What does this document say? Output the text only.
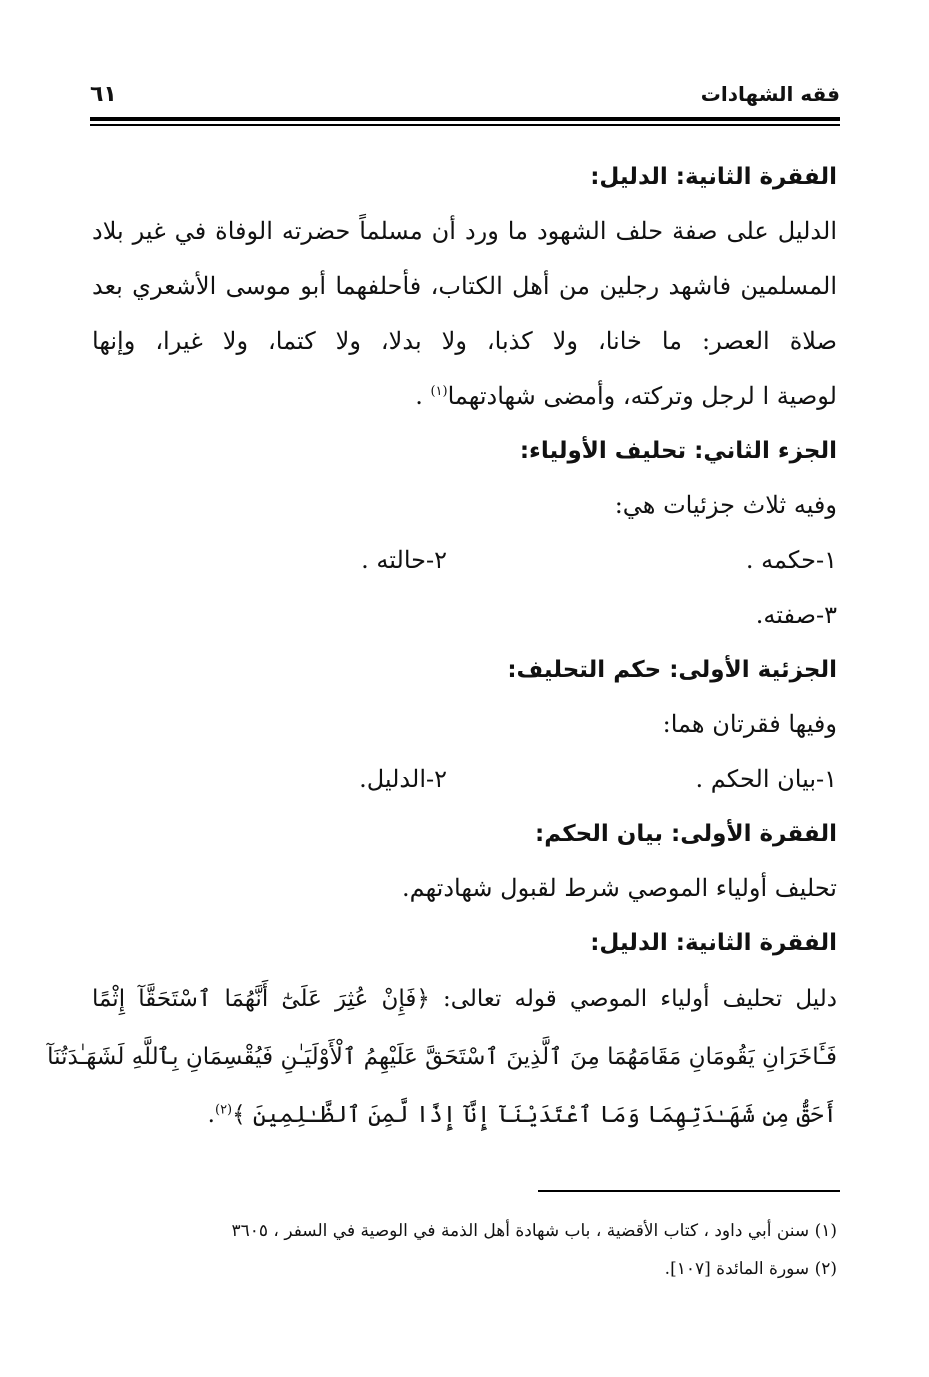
فقه الشهادات
٦١
الفقرة الثانية: الدليل:
الدليل على صفة حلف الشهود ما ورد أن مسلماً حضرته الوفاة في غير بلاد
المسلمين فاشهد رجلين من أهل الكتاب، فأحلفهما أبو موسى الأشعري بعد
صلاة العصر: ما خانا، ولا كذبا، ولا بدلا، ولا كتما، ولا غيرا، وإنها
لوصية ا لرجل وتركته، وأمضى شهادتهما$^{(١)}$ .
الجزء الثاني: تحليف الأولياء:
وفيه ثلاث جزئيات هي:
١-حكمه .
٢-حالته .
٣-صفته.
الجزئية الأولى: حكم التحليف:
وفيها فقرتان هما:
١-بيان الحكم .
٢-الدليل.
الفقرة الأولى: بيان الحكم:
تحليف أولياء الموصي شرط لقبول شهادتهم.
الفقرة الثانية: الدليل:
دليل تحليف أولياء الموصي قوله تعالى: ﴿فَإِنْ عُثِرَ عَلَىٰٓ أَنَّهُمَا ٱسْتَحَقَّآ إِثْمًا
فَـَٔاخَرَانِ يَقُومَانِ مَقَامَهُمَا مِنَ ٱلَّذِينَ ٱسْتَحَقَّ عَلَيْهِمُ ٱلْأَوْلَيَـٰنِ فَيُقْسِمَانِ بِٱللَّهِ لَشَهَـٰدَتُنَآ
أَحَقُّ مِن شَهَـٰدَتِهِمَا وَمَا ٱعْتَدَيْنَآ إِنَّآ إِذًا لَّمِنَ ٱلظَّـٰلِمِينَ ﴾$^{(٢)}$.
(١) سنن أبي داود ، كتاب الأقضية ، باب شهادة أهل الذمة في الوصية في السفر ، ٣٦٠٥
(٢) سورة المائدة [١٠٧].
